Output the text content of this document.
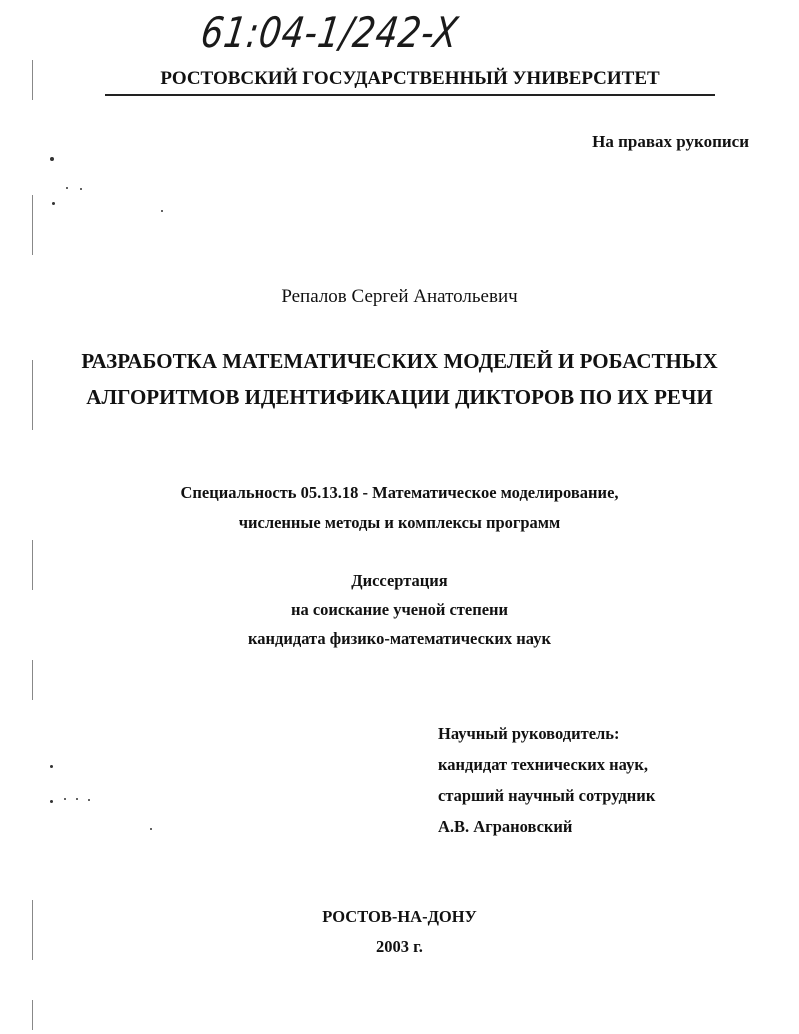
61:04-1/242-X
РОСТОВСКИЙ ГОСУДАРСТВЕННЫЙ УНИВЕРСИТЕТ
На правах рукописи
Репалов Сергей Анатольевич
РАЗРАБОТКА МАТЕМАТИЧЕСКИХ МОДЕЛЕЙ И РОБАСТНЫХ
АЛГОРИТМОВ ИДЕНТИФИКАЦИИ ДИКТОРОВ ПО ИХ РЕЧИ
Специальность 05.13.18 - Математическое моделирование,
численные методы и комплексы программ
Диссертация
на соискание ученой степени
кандидата физико-математических наук
Научный руководитель:
кандидат технических наук,
старший научный сотрудник
А.В. Аграновский
РОСТОВ-НА-ДОНУ
2003 г.
